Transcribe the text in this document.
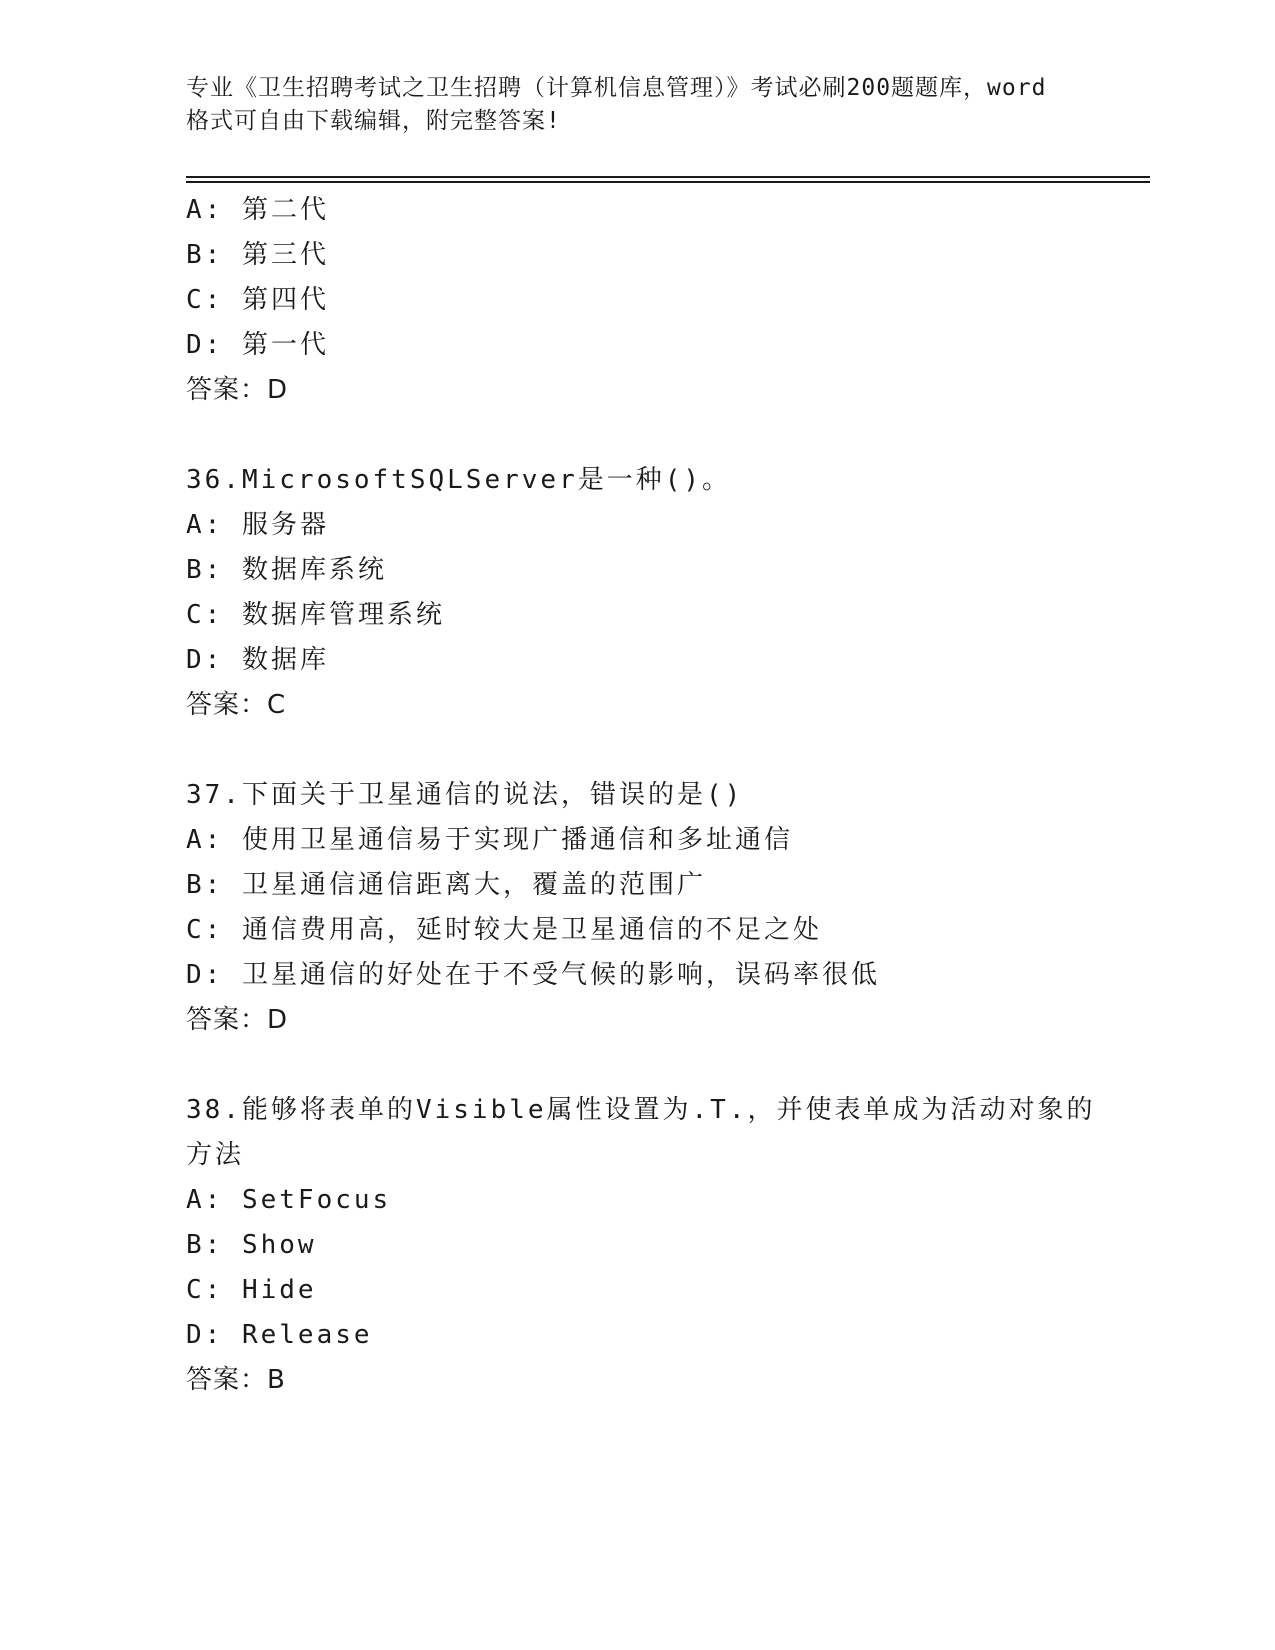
专业《卫生招聘考试之卫生招聘（计算机信息管理）》考试必刷200题题库，word
格式可自由下载编辑，附完整答案!
A: 第二代
B: 第三代
C: 第四代
D: 第一代
答案：D
36.MicrosoftSQLServer是一种()。
A: 服务器
B: 数据库系统
C: 数据库管理系统
D: 数据库
答案：C
37.下面关于卫星通信的说法，错误的是()
A: 使用卫星通信易于实现广播通信和多址通信
B: 卫星通信通信距离大，覆盖的范围广
C: 通信费用高，延时较大是卫星通信的不足之处
D: 卫星通信的好处在于不受气候的影响，误码率很低
答案：D
38.能够将表单的Visible属性设置为.T.，并使表单成为活动对象的
方法
A: SetFocus
B: Show
C: Hide
D: Release
答案：B
